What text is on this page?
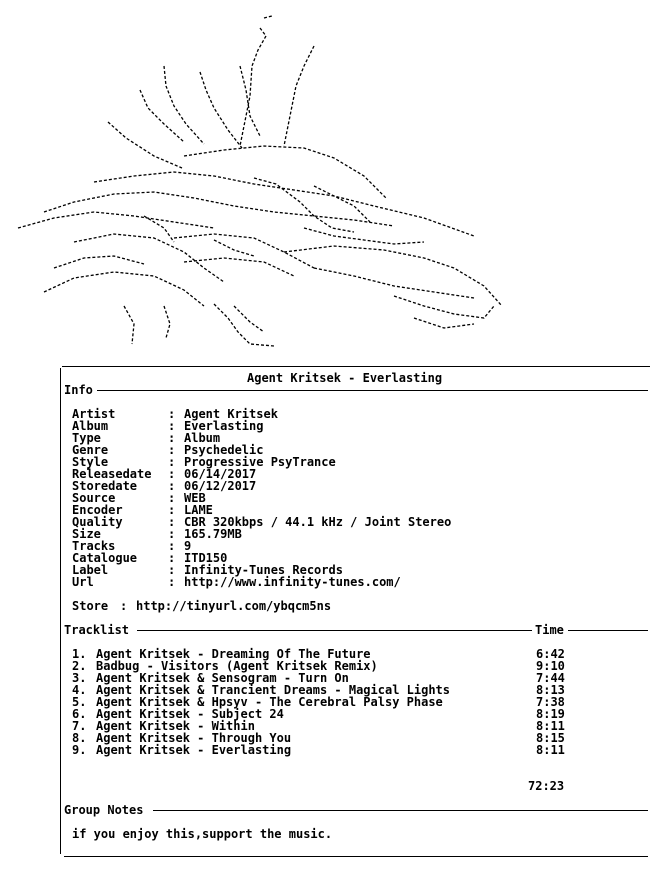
Agent Kritsek - Everlasting
Info
Artist	: Agent Kritsek
Album	: Everlasting
Type	: Album
Genre	: Psychedelic
Style	: Progressive PsyTrance
Releasedate : 06/14/2017
Storedate	: 06/12/2017
Source	: WEB
Encoder	: LAME
Quality	: CBR 320kbps / 44.1 kHz / Joint Stereo
Size	: 165.79MB
Tracks	: 9
Catalogue	: ITD150
Label	: Infinity-Tunes Records
Url	: http://www.infinity-tunes.com/
Store : http://tinyurl.com/ybqcm5ns
Tracklist	Time
1. Agent Kritsek - Dreaming Of The Future	6:42
2. Badbug - Visitors (Agent Kritsek Remix)	9:10
3. Agent Kritsek & Sensogram - Turn On	7:44
4. Agent Kritsek & Trancient Dreams - Magical Lights	8:13
5. Agent Kritsek & Hpsyv - The Cerebral Palsy Phase	7:38
6. Agent Kritsek - Subject 24	8:19
7. Agent Kritsek - Within	8:11
8. Agent Kritsek - Through You	8:15
9. Agent Kritsek - Everlasting	8:11
72:23
Group Notes
if you enjoy this,support the music.
